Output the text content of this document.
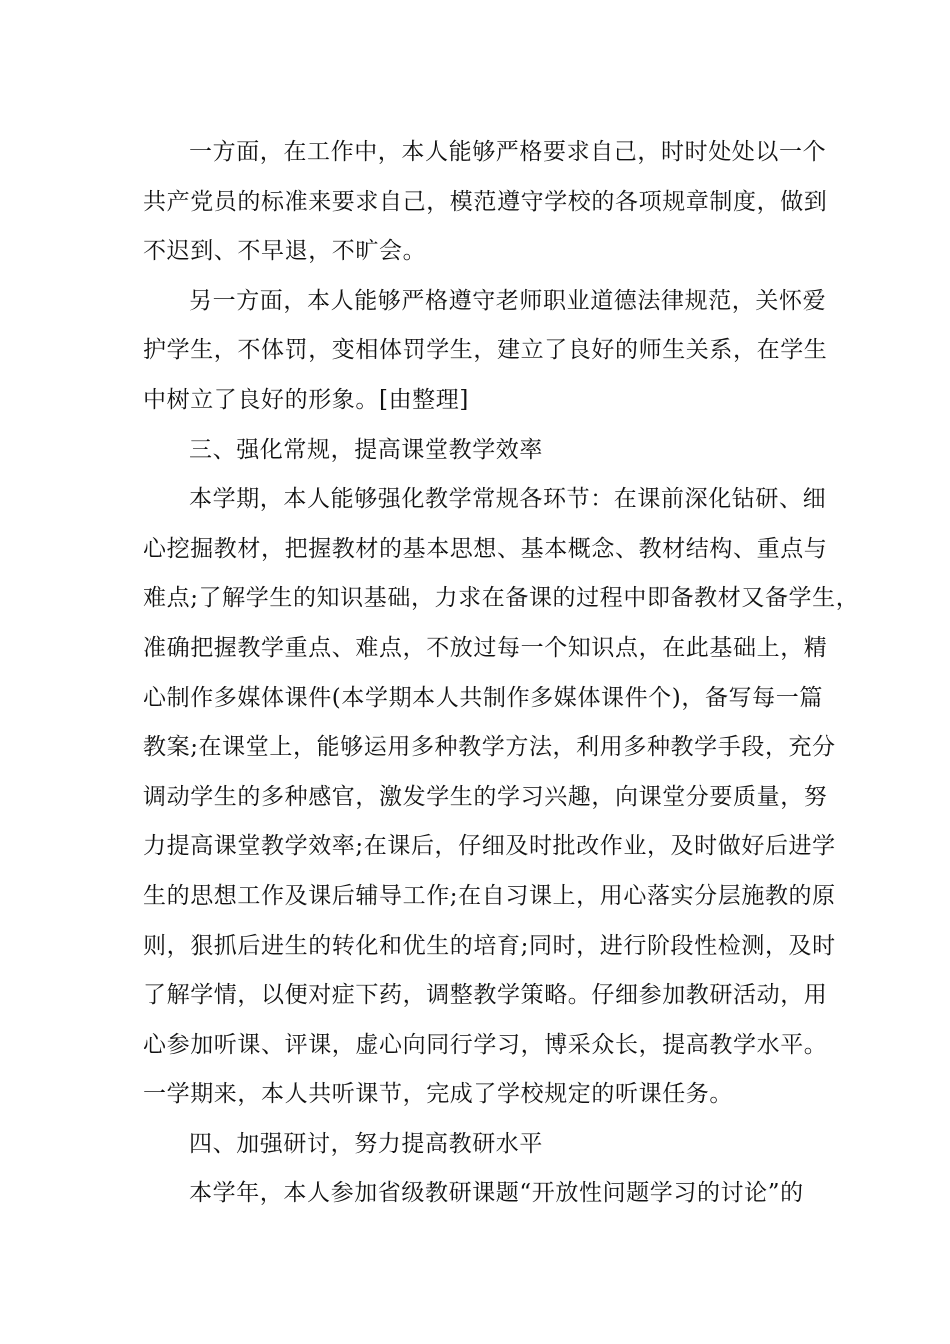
一方面，在工作中，本人能够严格要求自己，时时处处以一个
共产党员的标准来要求自己，模范遵守学校的各项规章制度，做到
不迟到、不早退，不旷会。
另一方面，本人能够严格遵守老师职业道德法律规范，关怀爱
护学生，不体罚，变相体罚学生，建立了良好的师生关系，在学生
中树立了良好的形象。[由整理]
三、强化常规，提高课堂教学效率
本学期，本人能够强化教学常规各环节：在课前深化钻研、细
心挖掘教材，把握教材的基本思想、基本概念、教材结构、重点与
难点;了解学生的知识基础，力求在备课的过程中即备教材又备学生，
准确把握教学重点、难点，不放过每一个知识点，在此基础上，精
心制作多媒体课件(本学期本人共制作多媒体课件个)，备写每一篇
教案;在课堂上，能够运用多种教学方法，利用多种教学手段，充分
调动学生的多种感官，激发学生的学习兴趣，向课堂分要质量，努
力提高课堂教学效率;在课后，仔细及时批改作业，及时做好后进学
生的思想工作及课后辅导工作;在自习课上，用心落实分层施教的原
则，狠抓后进生的转化和优生的培育;同时，进行阶段性检测，及时
了解学情，以便对症下药，调整教学策略。仔细参加教研活动，用
心参加听课、评课，虚心向同行学习，博采众长，提高教学水平。
一学期来，本人共听课节，完成了学校规定的听课任务。
四、加强研讨，努力提高教研水平
本学年，本人参加省级教研课题“开放性问题学习的讨论”的
